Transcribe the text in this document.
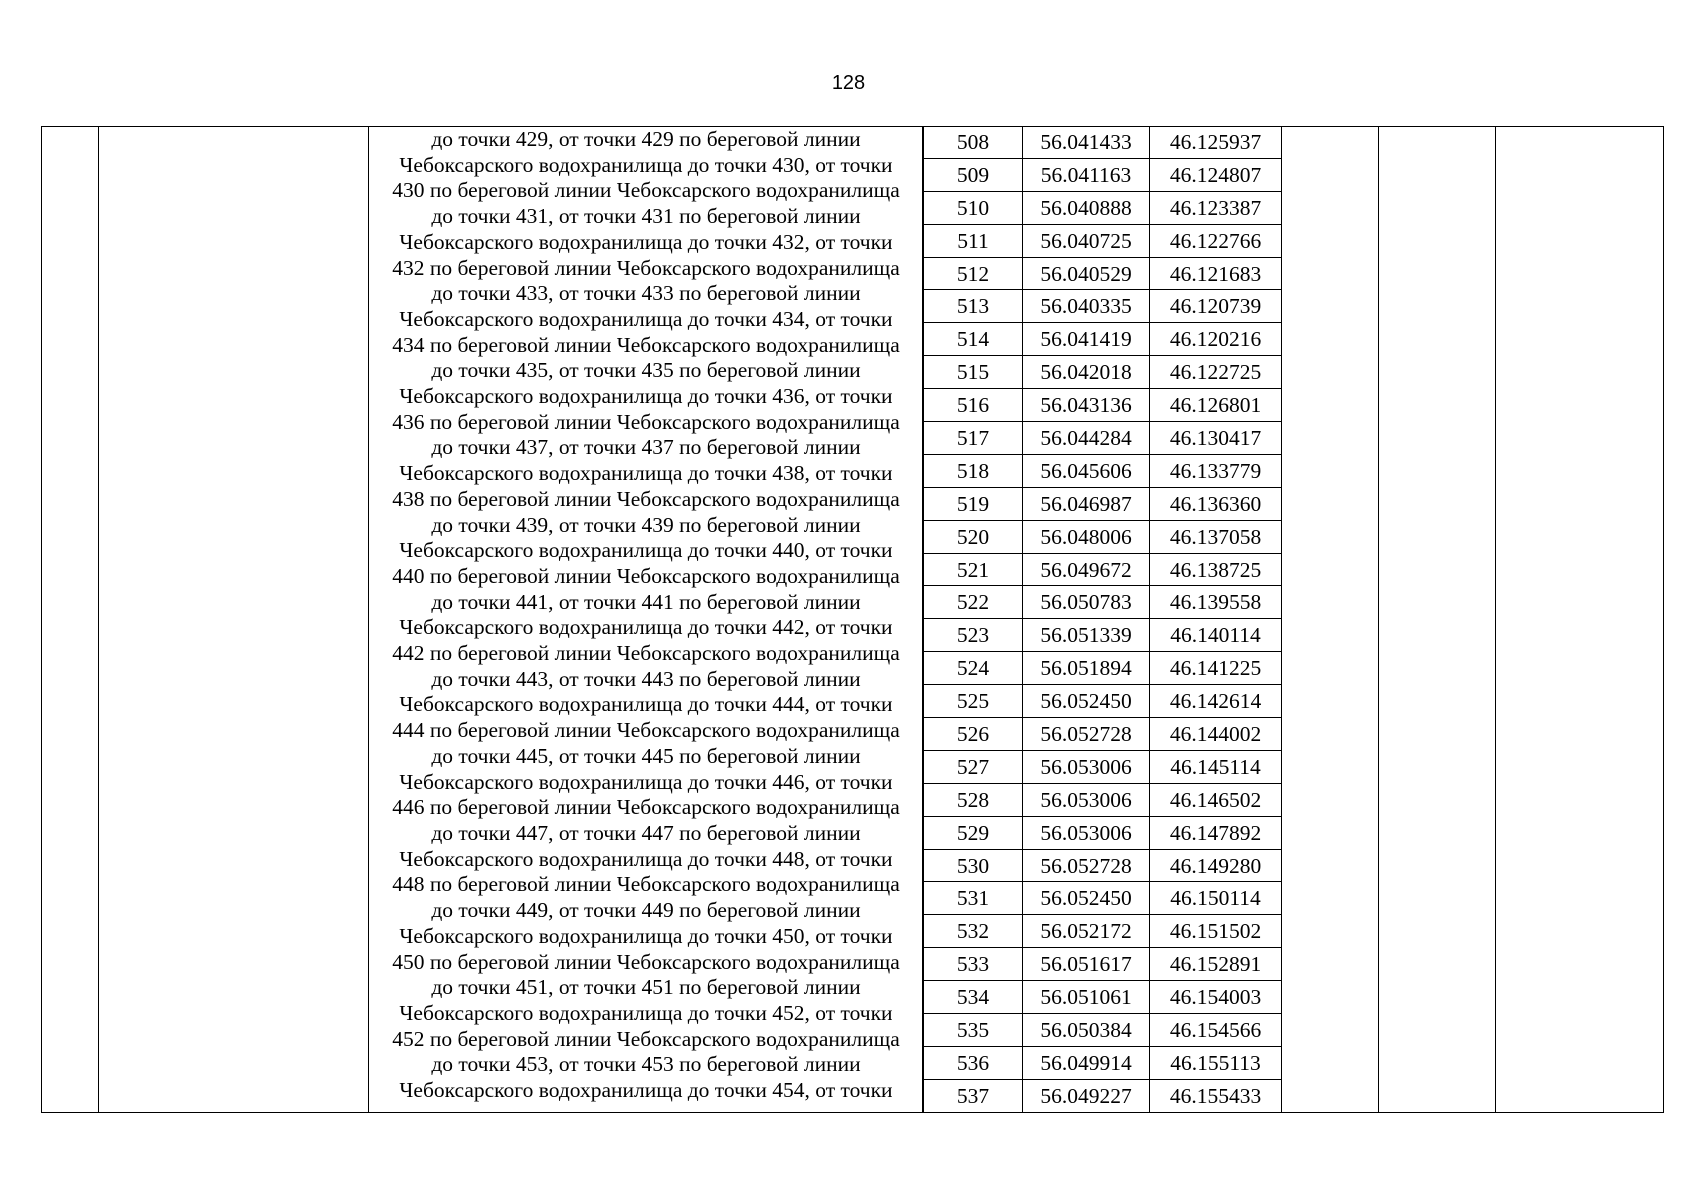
128

до точки 429, от точки 429 по береговой линии
Чебоксарского водохранилища до точки 430, от точки
430 по береговой линии Чебоксарского водохранилища
до точки 431, от точки 431 по береговой линии
Чебоксарского водохранилища до точки 432, от точки
432 по береговой линии Чебоксарского водохранилища
до точки 433, от точки 433 по береговой линии
Чебоксарского водохранилища до точки 434, от точки
434 по береговой линии Чебоксарского водохранилища
до точки 435, от точки 435 по береговой линии
Чебоксарского водохранилища до точки 436, от точки
436 по береговой линии Чебоксарского водохранилища
до точки 437, от точки 437 по береговой линии
Чебоксарского водохранилища до точки 438, от точки
438 по береговой линии Чебоксарского водохранилища
до точки 439, от точки 439 по береговой линии
Чебоксарского водохранилища до точки 440, от точки
440 по береговой линии Чебоксарского водохранилища
до точки 441, от точки 441 по береговой линии
Чебоксарского водохранилища до точки 442, от точки
442 по береговой линии Чебоксарского водохранилища
до точки 443, от точки 443 по береговой линии
Чебоксарского водохранилища до точки 444, от точки
444 по береговой линии Чебоксарского водохранилища
до точки 445, от точки 445 по береговой линии
Чебоксарского водохранилища до точки 446, от точки
446 по береговой линии Чебоксарского водохранилища
до точки 447, от точки 447 по береговой линии
Чебоксарского водохранилища до точки 448, от точки
448 по береговой линии Чебоксарского водохранилища
до точки 449, от точки 449 по береговой линии
Чебоксарского водохранилища до точки 450, от точки
450 по береговой линии Чебоксарского водохранилища
до точки 451, от точки 451 по береговой линии
Чебоксарского водохранилища до точки 452, от точки
452 по береговой линии Чебоксарского водохранилища
до точки 453, от точки 453 по береговой линии
Чебоксарского водохранилища до точки 454, от точки

508	56.041433	46.125937
509	56.041163	46.124807
510	56.040888	46.123387
511	56.040725	46.122766
512	56.040529	46.121683
513	56.040335	46.120739
514	56.041419	46.120216
515	56.042018	46.122725
516	56.043136	46.126801
517	56.044284	46.130417
518	56.045606	46.133779
519	56.046987	46.136360
520	56.048006	46.137058
521	56.049672	46.138725
522	56.050783	46.139558
523	56.051339	46.140114
524	56.051894	46.141225
525	56.052450	46.142614
526	56.052728	46.144002
527	56.053006	46.145114
528	56.053006	46.146502
529	56.053006	46.147892
530	56.052728	46.149280
531	56.052450	46.150114
532	56.052172	46.151502
533	56.051617	46.152891
534	56.051061	46.154003
535	56.050384	46.154566
536	56.049914	46.155113
537	56.049227	46.155433
